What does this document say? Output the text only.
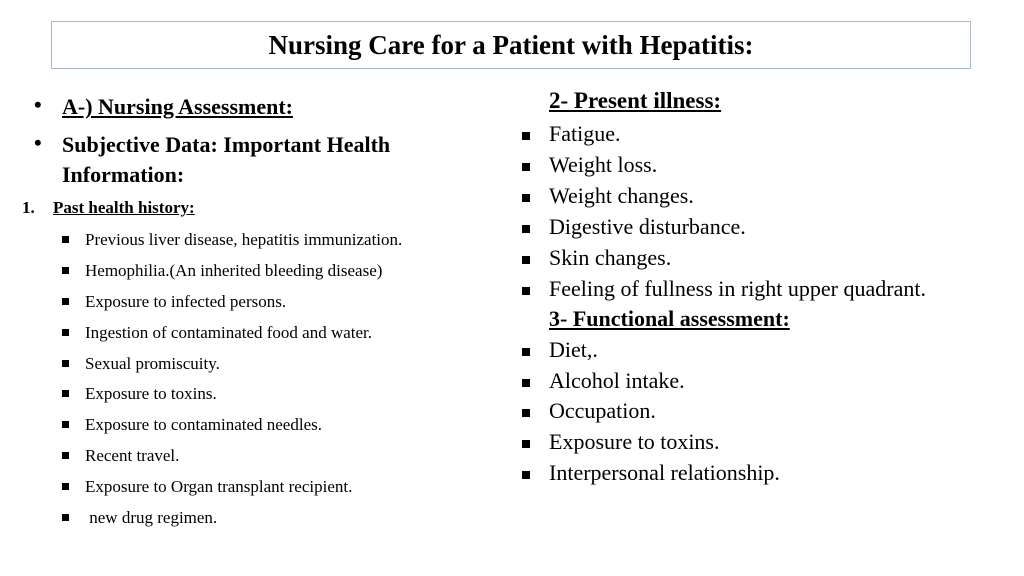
Nursing Care for a Patient with Hepatitis:
• A-) Nursing Assessment:
• Subjective Data: Important Health
Information:
1. Past health history:
Previous liver disease, hepatitis immunization.
Hemophilia.(An inherited bleeding disease)
Exposure to infected persons.
Ingestion of contaminated food and water.
Sexual promiscuity.
Exposure to toxins.
Exposure to contaminated needles.
Recent travel.
Exposure to Organ transplant recipient.
new drug regimen.
2- Present illness:
Fatigue.
Weight loss.
Weight changes.
Digestive disturbance.
Skin changes.
Feeling of fullness in right upper quadrant.
3- Functional assessment:
Diet,.
Alcohol intake.
Occupation.
Exposure to toxins.
Interpersonal relationship.
